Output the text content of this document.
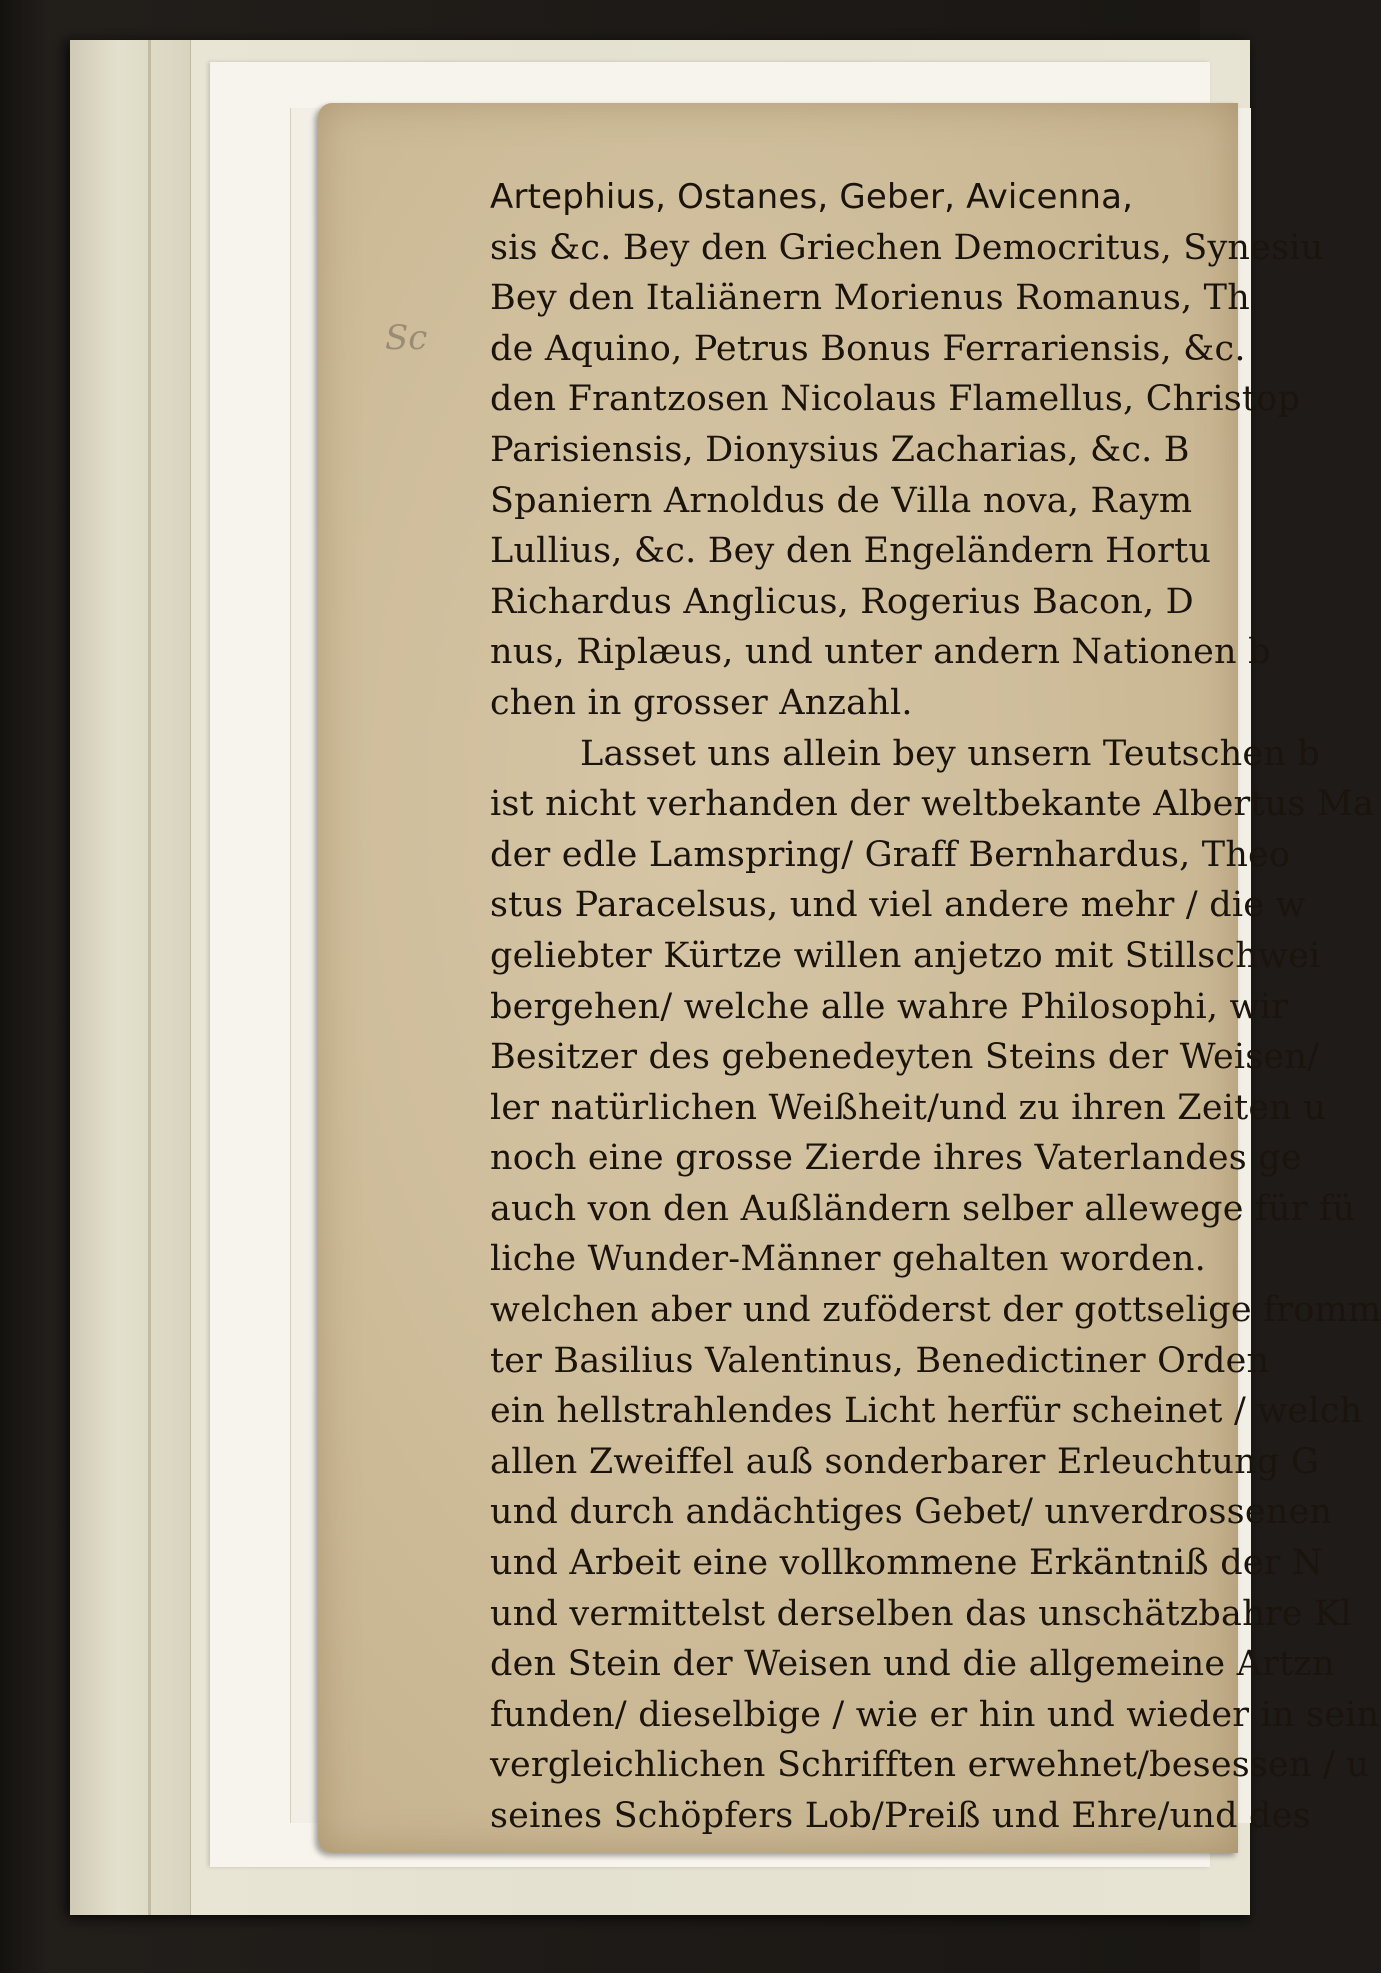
Sc
Artephius, Ostanes, Geber, Avicenna,
sis &c. Bey den Griechen Democritus, Synesiu
Bey den Italiänern Morienus Romanus, Th
de Aquino, Petrus Bonus Ferrariensis, &c.
den Frantzosen Nicolaus Flamellus, Christop
Parisiensis, Dionysius Zacharias, &c. B
Spaniern Arnoldus de Villa nova, Raym
Lullius, &c. Bey den Engeländern Hortu
Richardus Anglicus, Rogerius Bacon, D
nus, Riplæus, und unter andern Nationen b
chen in grosser Anzahl.
Lasset uns allein bey unsern Teutschen b
ist nicht verhanden der weltbekante Albertus Ma
der edle Lamspring/ Graff Bernhardus, Theo
stus Paracelsus, und viel andere mehr / die w
geliebter Kürtze willen anjetzo mit Stillschwei
bergehen/ welche alle wahre Philosophi, wir
Besitzer des gebenedeyten Steins der Weisen/
ler natürlichen Weißheit/und zu ihren Zeiten u
noch eine grosse Zierde ihres Vaterlandes ge
auch von den Außländern selber allewege für fü
liche Wunder-Männer gehalten worden.
welchen aber und zuföderst der gottselige fromm
ter Basilius Valentinus, Benedictiner Orden
ein hellstrahlendes Licht herfür scheinet / welch
allen Zweiffel auß sonderbarer Erleuchtung G
und durch andächtiges Gebet/ unverdrossenen
und Arbeit eine vollkommene Erkäntniß der N
und vermittelst derselben das unschätzbahre Kl
den Stein der Weisen und die allgemeine Artzn
funden/ dieselbige / wie er hin und wieder in sein
vergleichlichen Schrifften erwehnet/besessen / u
seines Schöpfers Lob/Preiß und Ehre/und des
